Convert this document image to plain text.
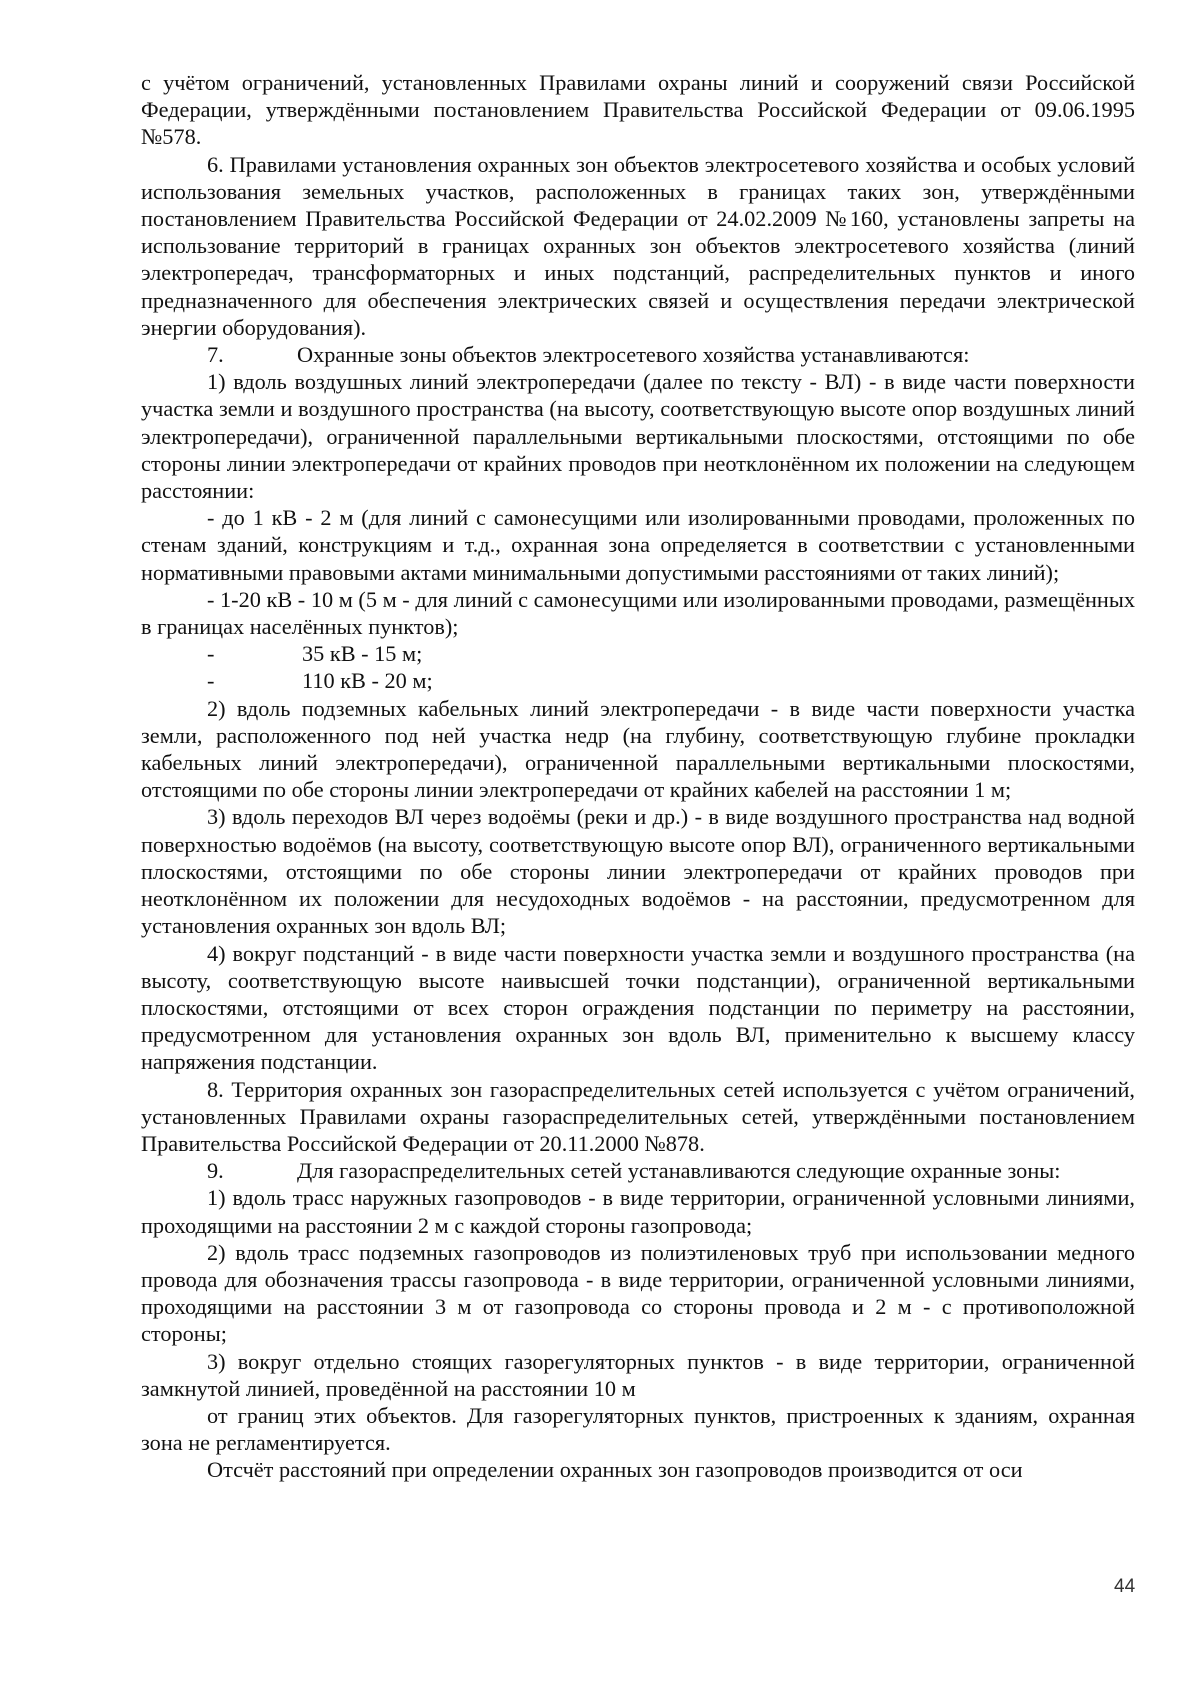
с учётом ограничений, установленных Правилами охраны линий и сооружений связи Российской Федерации, утверждёнными постановлением Правительства Российской Федерации от 09.06.1995 №578.

6. Правилами установления охранных зон объектов электросетевого хозяйства и особых условий использования земельных участков, расположенных в границах таких зон, утверждёнными постановлением Правительства Российской Федерации от 24.02.2009 №160, установлены запреты на использование территорий в границах охранных зон объектов электросетевого хозяйства (линий электропередач, трансформаторных и иных подстанций, распределительных пунктов и иного предназначенного для обеспечения электрических связей и осуществления передачи электрической энергии оборудования).

7.	Охранные зоны объектов электросетевого хозяйства устанавливаются:

1) вдоль воздушных линий электропередачи (далее по тексту - ВЛ) - в виде части поверхности участка земли и воздушного пространства (на высоту, соответствующую высоте опор воздушных линий электропередачи), ограниченной параллельными вертикальными плоскостями, отстоящими по обе стороны линии электропередачи от крайних проводов при неотклонённом их положении на следующем расстоянии:

- до 1 кВ - 2 м (для линий с самонесущими или изолированными проводами, проложенных по стенам зданий, конструкциям и т.д., охранная зона определяется в соответствии с установленными нормативными правовыми актами минимальными допустимыми расстояниями от таких линий);

- 1-20 кВ - 10 м (5 м - для линий с самонесущими или изолированными проводами, размещённых в границах населённых пунктов);

-	35 кВ - 15 м;
-	110 кВ - 20 м;

2) вдоль подземных кабельных линий электропередачи - в виде части поверхности участка земли, расположенного под ней участка недр (на глубину, соответствующую глубине прокладки кабельных линий электропередачи), ограниченной параллельными вертикальными плоскостями, отстоящими по обе стороны линии электропередачи от крайних кабелей на расстоянии 1 м;

3) вдоль переходов ВЛ через водоёмы (реки и др.) - в виде воздушного пространства над водной поверхностью водоёмов (на высоту, соответствующую высоте опор ВЛ), ограниченного вертикальными плоскостями, отстоящими по обе стороны линии электропередачи от крайних проводов при неотклонённом их положении для несудоходных водоёмов - на расстоянии, предусмотренном для установления охранных зон вдоль ВЛ;

4) вокруг подстанций - в виде части поверхности участка земли и воздушного пространства (на высоту, соответствующую высоте наивысшей точки подстанции), ограниченной вертикальными плоскостями, отстоящими от всех сторон ограждения подстанции по периметру на расстоянии, предусмотренном для установления охранных зон вдоль ВЛ, применительно к высшему классу напряжения подстанции.

8. Территория охранных зон газораспределительных сетей используется с учётом ограничений, установленных Правилами охраны газораспределительных сетей, утверждёнными постановлением Правительства Российской Федерации от 20.11.2000 №878.

9.	Для газораспределительных сетей устанавливаются следующие охранные зоны:

1) вдоль трасс наружных газопроводов - в виде территории, ограниченной условными линиями, проходящими на расстоянии 2 м с каждой стороны газопровода;

2) вдоль трасс подземных газопроводов из полиэтиленовых труб при использовании медного провода для обозначения трассы газопровода - в виде территории, ограниченной условными линиями, проходящими на расстоянии 3 м от газопровода со стороны провода и 2 м - с противоположной стороны;

3) вокруг отдельно стоящих газорегуляторных пунктов - в виде территории, ограниченной замкнутой линией, проведённой на расстоянии 10 м

от границ этих объектов. Для газорегуляторных пунктов, пристроенных к зданиям, охранная зона не регламентируется.

Отсчёт расстояний при определении охранных зон газопроводов производится от оси

44
